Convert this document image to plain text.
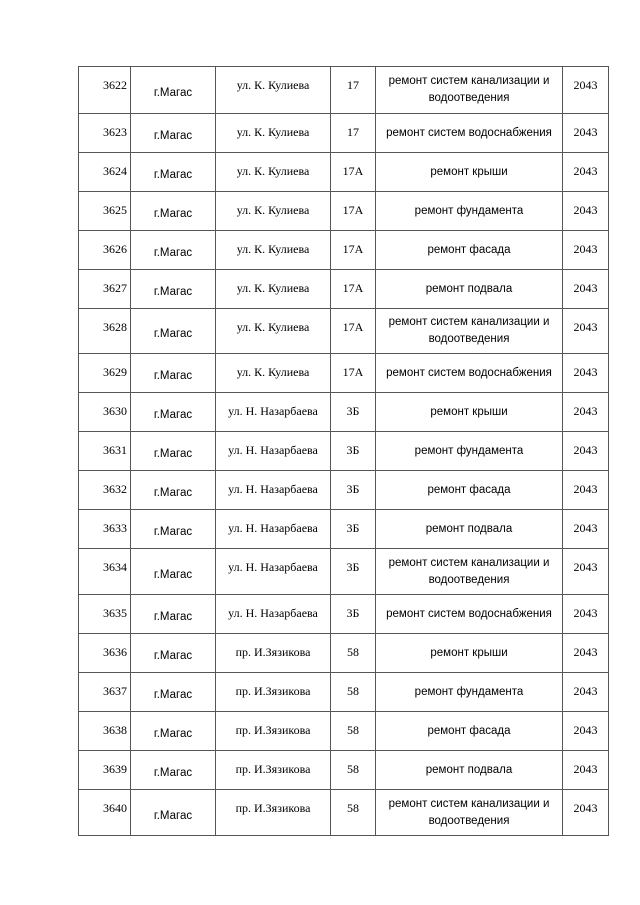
3622	г.Магас	ул. К. Кулиева	17	ремонт систем канализации и водоотведения	2043
3623	г.Магас	ул. К. Кулиева	17	ремонт систем водоснабжения	2043
3624	г.Магас	ул. К. Кулиева	17А	ремонт крыши	2043
3625	г.Магас	ул. К. Кулиева	17А	ремонт фундамента	2043
3626	г.Магас	ул. К. Кулиева	17А	ремонт фасада	2043
3627	г.Магас	ул. К. Кулиева	17А	ремонт подвала	2043
3628	г.Магас	ул. К. Кулиева	17А	ремонт систем канализации и водоотведения	2043
3629	г.Магас	ул. К. Кулиева	17А	ремонт систем водоснабжения	2043
3630	г.Магас	ул. Н. Назарбаева	3Б	ремонт крыши	2043
3631	г.Магас	ул. Н. Назарбаева	3Б	ремонт фундамента	2043
3632	г.Магас	ул. Н. Назарбаева	3Б	ремонт фасада	2043
3633	г.Магас	ул. Н. Назарбаева	3Б	ремонт подвала	2043
3634	г.Магас	ул. Н. Назарбаева	3Б	ремонт систем канализации и водоотведения	2043
3635	г.Магас	ул. Н. Назарбаева	3Б	ремонт систем водоснабжения	2043
3636	г.Магас	пр. И.Зязикова	58	ремонт крыши	2043
3637	г.Магас	пр. И.Зязикова	58	ремонт фундамента	2043
3638	г.Магас	пр. И.Зязикова	58	ремонт фасада	2043
3639	г.Магас	пр. И.Зязикова	58	ремонт подвала	2043
3640	г.Магас	пр. И.Зязикова	58	ремонт систем канализации и водоотведения	2043
